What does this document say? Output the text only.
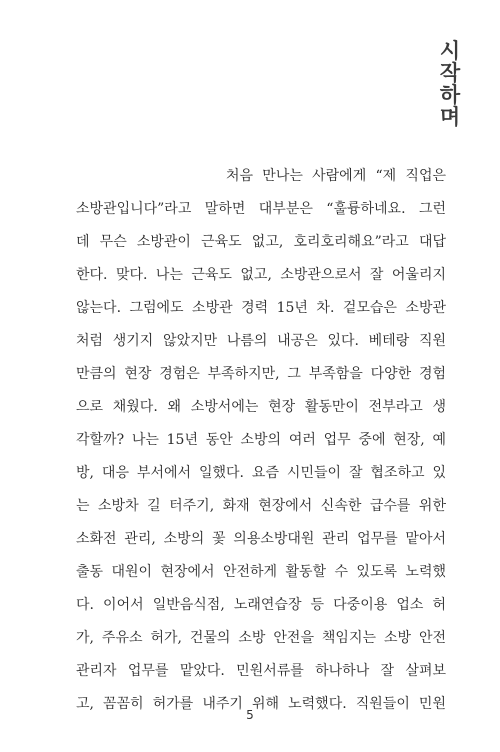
시
작
하
며
처음 만나는 사람에게 “제 직업은
소방관입니다”라고 말하면 대부분은 “훌륭하네요. 그런
데 무슨 소방관이 근육도 없고, 호리호리해요”라고 대답
한다. 맞다. 나는 근육도 없고, 소방관으로서 잘 어울리지
않는다. 그럼에도 소방관 경력 15년 차. 겉모습은 소방관
처럼 생기지 않았지만 나름의 내공은 있다. 베테랑 직원
만큼의 현장 경험은 부족하지만, 그 부족함을 다양한 경험
으로 채웠다. 왜 소방서에는 현장 활동만이 전부라고 생
각할까? 나는 15년 동안 소방의 여러 업무 중에 현장, 예
방, 대응 부서에서 일했다. 요즘 시민들이 잘 협조하고 있
는 소방차 길 터주기, 화재 현장에서 신속한 급수를 위한
소화전 관리, 소방의 꽃 의용소방대원 관리 업무를 맡아서
출동 대원이 현장에서 안전하게 활동할 수 있도록 노력했
다. 이어서 일반음식점, 노래연습장 등 다중이용 업소 허
가, 주유소 허가, 건물의 소방 안전을 책임지는 소방 안전
관리자 업무를 맡았다. 민원서류를 하나하나 잘 살펴보
고, 꼼꼼히 허가를 내주기 위해 노력했다. 직원들이 민원
5
